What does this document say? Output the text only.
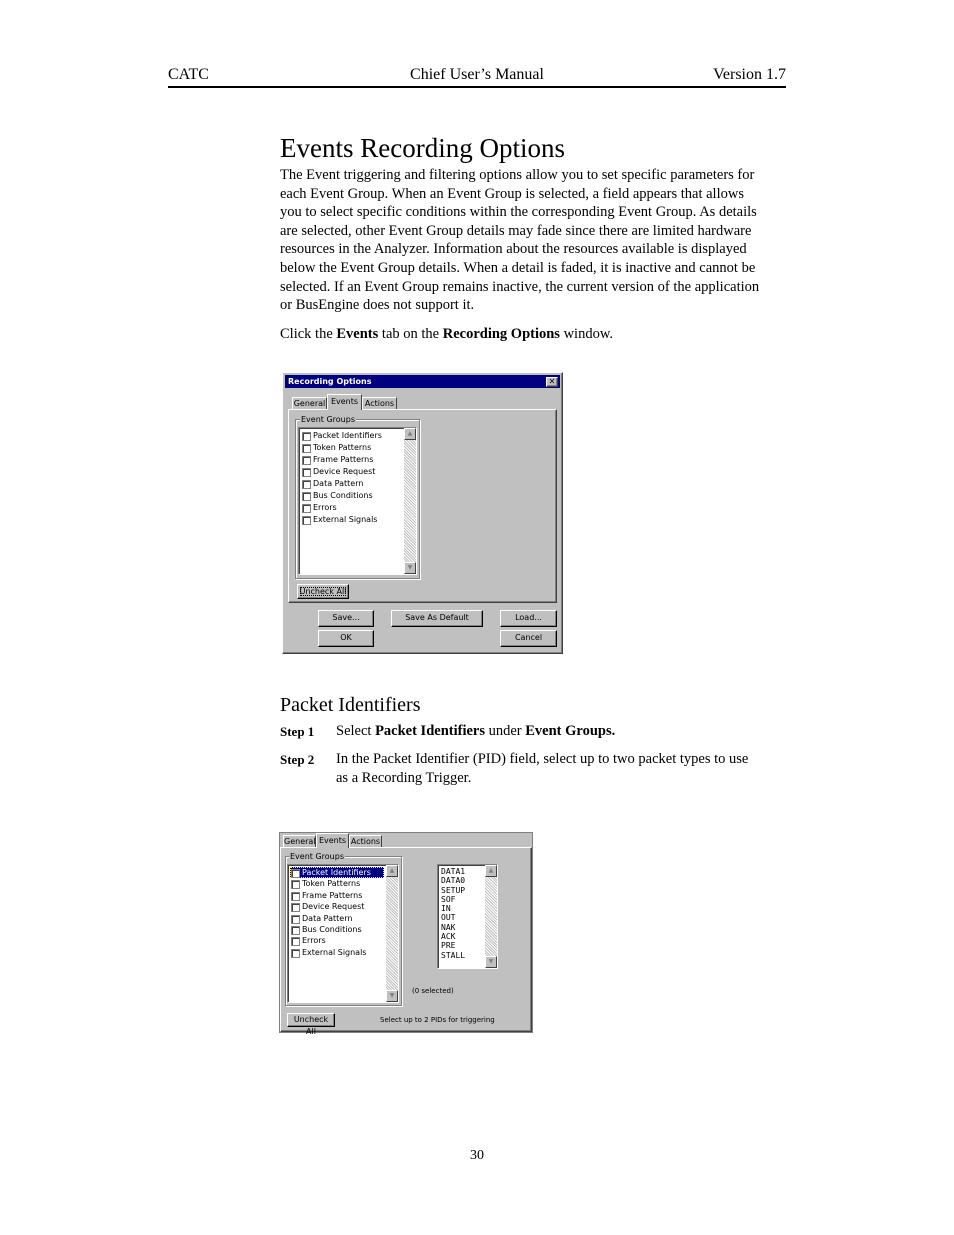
CATC	Chief User’s Manual	Version 1.7
Events Recording Options
The Event triggering and filtering options allow you to set specific parameters for
each Event Group. When an Event Group is selected, a field appears that allows
you to select specific conditions within the corresponding Event Group. As details
are selected, other Event Group details may fade since there are limited hardware
resources in the Analyzer. Information about the resources available is displayed
below the Event Group details. When a detail is faded, it is inactive and cannot be
selected. If an Event Group remains inactive, the current version of the application
or BusEngine does not support it.
Click the Events tab on the Recording Options window.
Recording Options	✕
General Events Actions
Event Groups
Packet Identifiers
Token Patterns
Frame Patterns
Device Request
Data Pattern
Bus Conditions
Errors
External Signals
▲
▼
Uncheck All
Save...	Save As Default	Load...
OK	Cancel
Packet Identifiers
Step 1 Select Packet Identifiers under Event Groups.
Step 2 In the Packet Identifier (PID) field, select up to two packet types to use
as a Recording Trigger.
General Events Actions
Event Groups
Packet Identifiers
Token Patterns
Frame Patterns
Device Request
Data Pattern
Bus Conditions
Errors
External Signals
▲
▼
DATA1
DATA0
SETUP
SOF
IN
OUT
NAK
ACK
PRE
STALL
▲
▼
(0 selected)
Uncheck All
Select up to 2 PIDs for triggering
30
